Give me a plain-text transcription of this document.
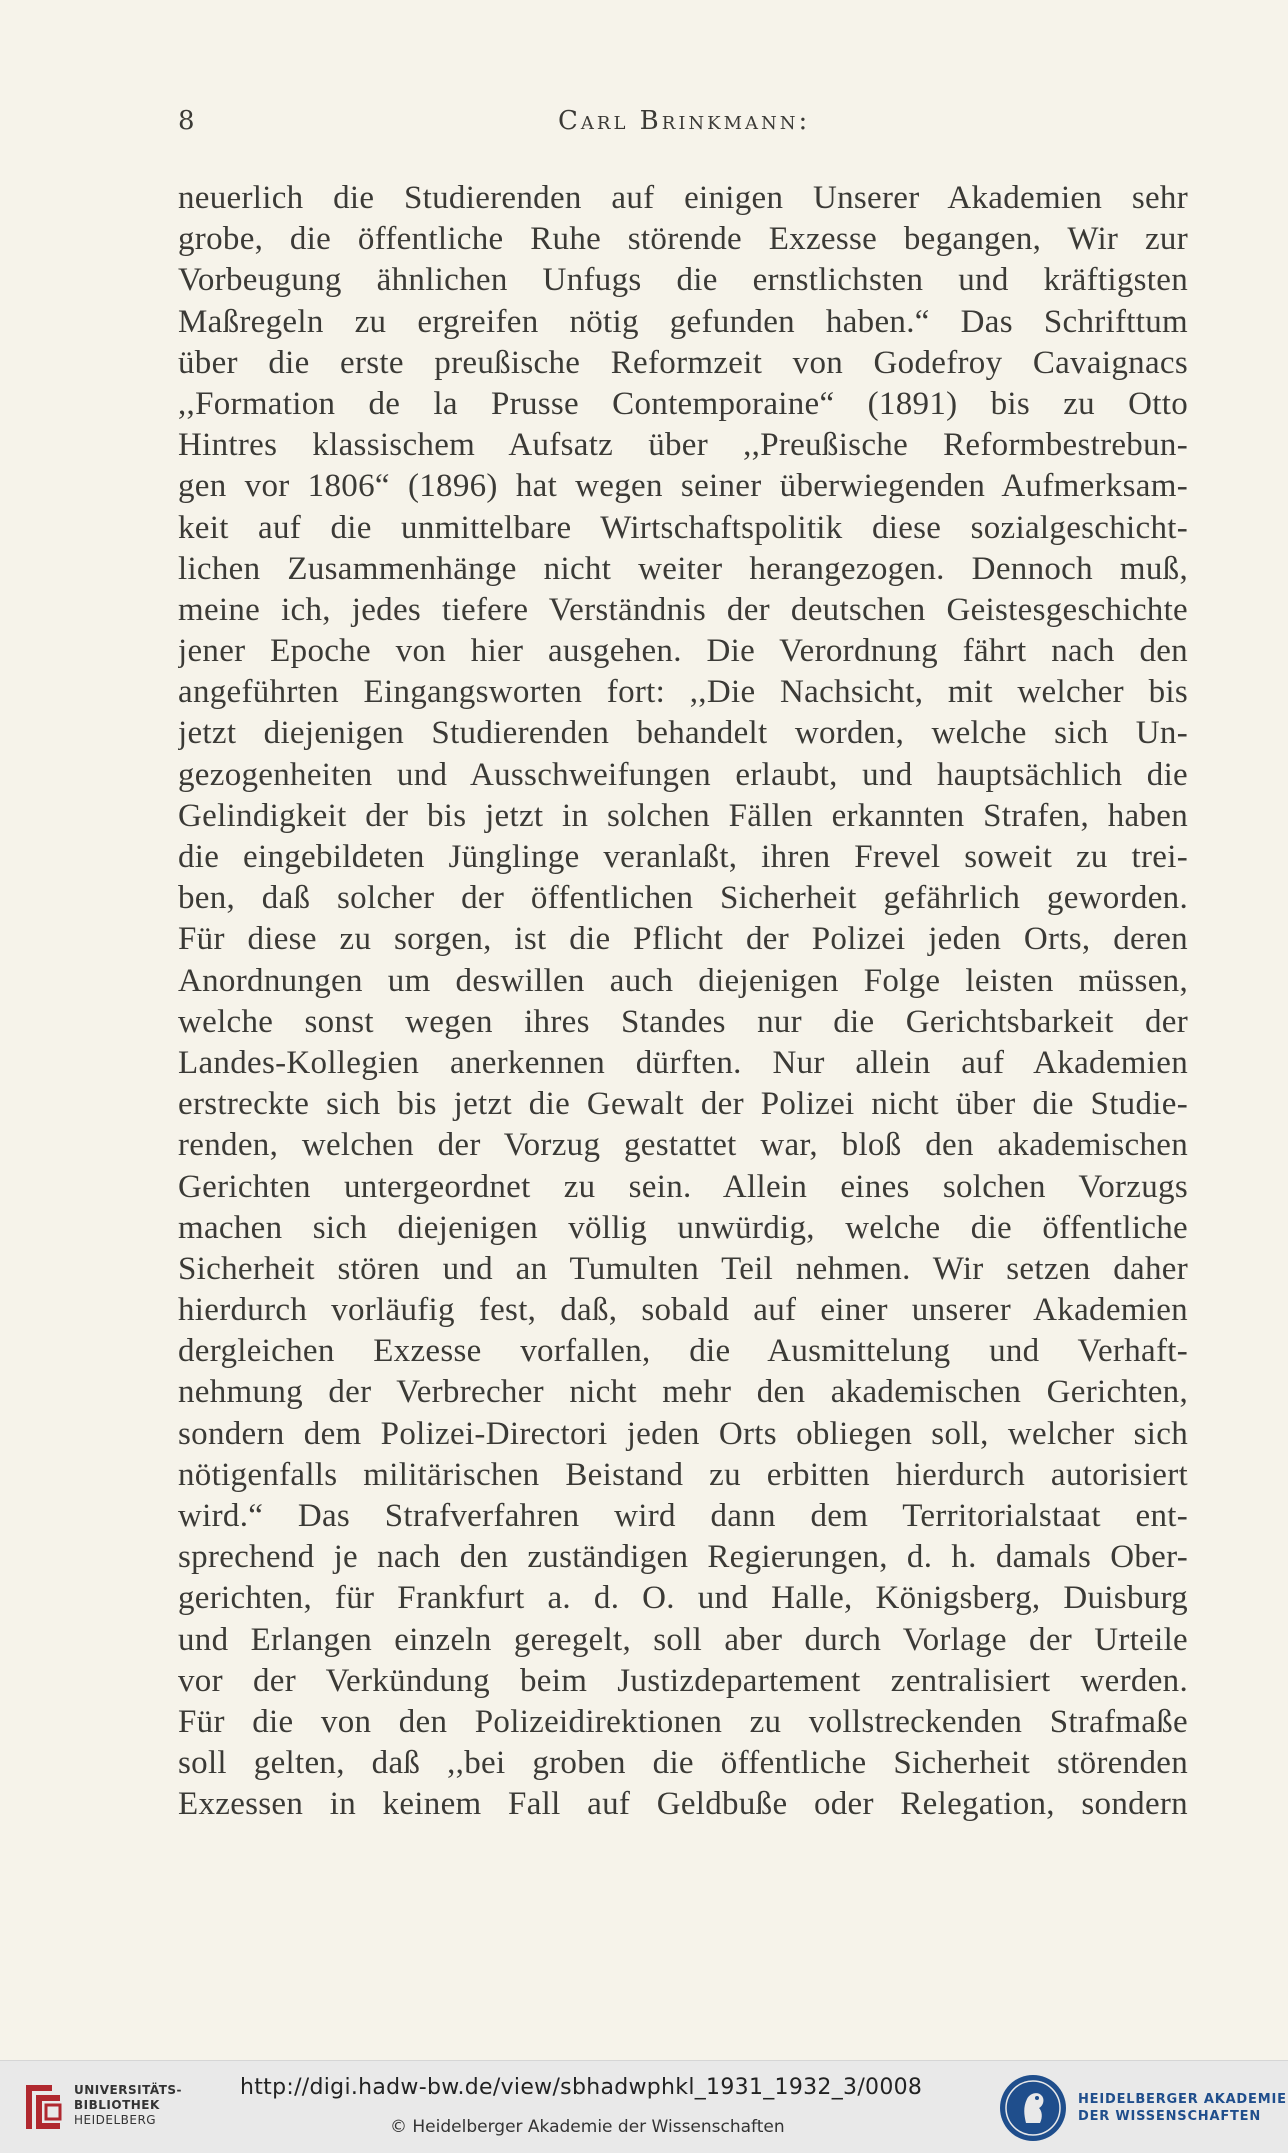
8	Carl Brinkmann:
neuerlich die Studierenden auf einigen Unserer Akademien sehr
grobe, die öffentliche Ruhe störende Exzesse begangen, Wir zur
Vorbeugung ähnlichen Unfugs die ernstlichsten und kräftigsten
Maßregeln zu ergreifen nötig gefunden haben.“ Das Schrifttum
über die erste preußische Reformzeit von Godefroy Cavaignacs
,,Formation de la Prusse Contemporaine“ (1891) bis zu Otto
Hintres klassischem Aufsatz über ,,Preußische Reformbestrebun-
gen vor 1806“ (1896) hat wegen seiner überwiegenden Aufmerksam-
keit auf die unmittelbare Wirtschaftspolitik diese sozialgeschicht-
lichen Zusammenhänge nicht weiter herangezogen. Dennoch muß,
meine ich, jedes tiefere Verständnis der deutschen Geistesgeschichte
jener Epoche von hier ausgehen. Die Verordnung fährt nach den
angeführten Eingangsworten fort: ,,Die Nachsicht, mit welcher bis
jetzt diejenigen Studierenden behandelt worden, welche sich Un-
gezogenheiten und Ausschweifungen erlaubt, und hauptsächlich die
Gelindigkeit der bis jetzt in solchen Fällen erkannten Strafen, haben
die eingebildeten Jünglinge veranlaßt, ihren Frevel soweit zu trei-
ben, daß solcher der öffentlichen Sicherheit gefährlich geworden.
Für diese zu sorgen, ist die Pflicht der Polizei jeden Orts, deren
Anordnungen um deswillen auch diejenigen Folge leisten müssen,
welche sonst wegen ihres Standes nur die Gerichtsbarkeit der
Landes-Kollegien anerkennen dürften. Nur allein auf Akademien
erstreckte sich bis jetzt die Gewalt der Polizei nicht über die Studie-
renden, welchen der Vorzug gestattet war, bloß den akademischen
Gerichten untergeordnet zu sein. Allein eines solchen Vorzugs
machen sich diejenigen völlig unwürdig, welche die öffentliche
Sicherheit stören und an Tumulten Teil nehmen. Wir setzen daher
hierdurch vorläufig fest, daß, sobald auf einer unserer Akademien
dergleichen Exzesse vorfallen, die Ausmittelung und Verhaft-
nehmung der Verbrecher nicht mehr den akademischen Gerichten,
sondern dem Polizei-Directori jeden Orts obliegen soll, welcher sich
nötigenfalls militärischen Beistand zu erbitten hierdurch autorisiert
wird.“ Das Strafverfahren wird dann dem Territorialstaat ent-
sprechend je nach den zuständigen Regierungen, d. h. damals Ober-
gerichten, für Frankfurt a. d. O. und Halle, Königsberg, Duisburg
und Erlangen einzeln geregelt, soll aber durch Vorlage der Urteile
vor der Verkündung beim Justizdepartement zentralisiert werden.
Für die von den Polizeidirektionen zu vollstreckenden Strafmaße
soll gelten, daß ,,bei groben die öffentliche Sicherheit störenden
Exzessen in keinem Fall auf Geldbuße oder Relegation, sondern
UNIVERSITÄTS-
BIBLIOTHEK
HEIDELBERG
http://digi.hadw-bw.de/view/sbhadwphkl_1931_1932_3/0008
© Heidelberger Akademie der Wissenschaften
HEIDELBERGER AKADEMIE
DER WISSENSCHAFTEN
